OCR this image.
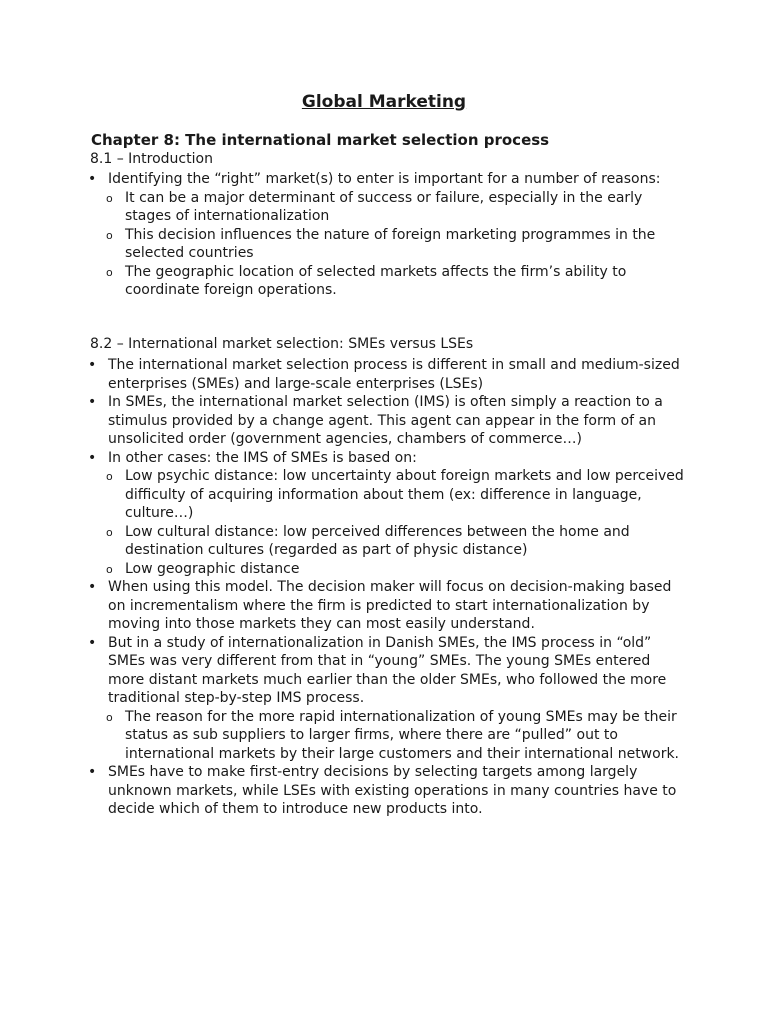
Global Marketing
Chapter 8: The international market selection process
8.1 – Introduction
• Identifying the “right” market(s) to enter is important for a number of reasons:
o It can be a major determinant of success or failure, especially in the early stages of internationalization
o This decision influences the nature of foreign marketing programmes in the selected countries
o The geographic location of selected markets affects the firm’s ability to coordinate foreign operations.
8.2 – International market selection: SMEs versus LSEs
• The international market selection process is different in small and medium-sized enterprises (SMEs) and large-scale enterprises (LSEs)
• In SMEs, the international market selection (IMS) is often simply a reaction to a stimulus provided by a change agent. This agent can appear in the form of an unsolicited order (government agencies, chambers of commerce…)
• In other cases: the IMS of SMEs is based on:
o Low psychic distance: low uncertainty about foreign markets and low perceived difficulty of acquiring information about them (ex: difference in language, culture…)
o Low cultural distance: low perceived differences between the home and destination cultures (regarded as part of physic distance)
o Low geographic distance
• When using this model. The decision maker will focus on decision-making based on incrementalism where the firm is predicted to start internationalization by moving into those markets they can most easily understand.
• But in a study of internationalization in Danish SMEs, the IMS process in “old” SMEs was very different from that in “young” SMEs. The young SMEs entered more distant markets much earlier than the older SMEs, who followed the more traditional step-by-step IMS process.
o The reason for the more rapid internationalization of young SMEs may be their status as sub suppliers to larger firms, where there are “pulled” out to international markets by their large customers and their international network.
• SMEs have to make first-entry decisions by selecting targets among largely unknown markets, while LSEs with existing operations in many countries have to decide which of them to introduce new products into.
